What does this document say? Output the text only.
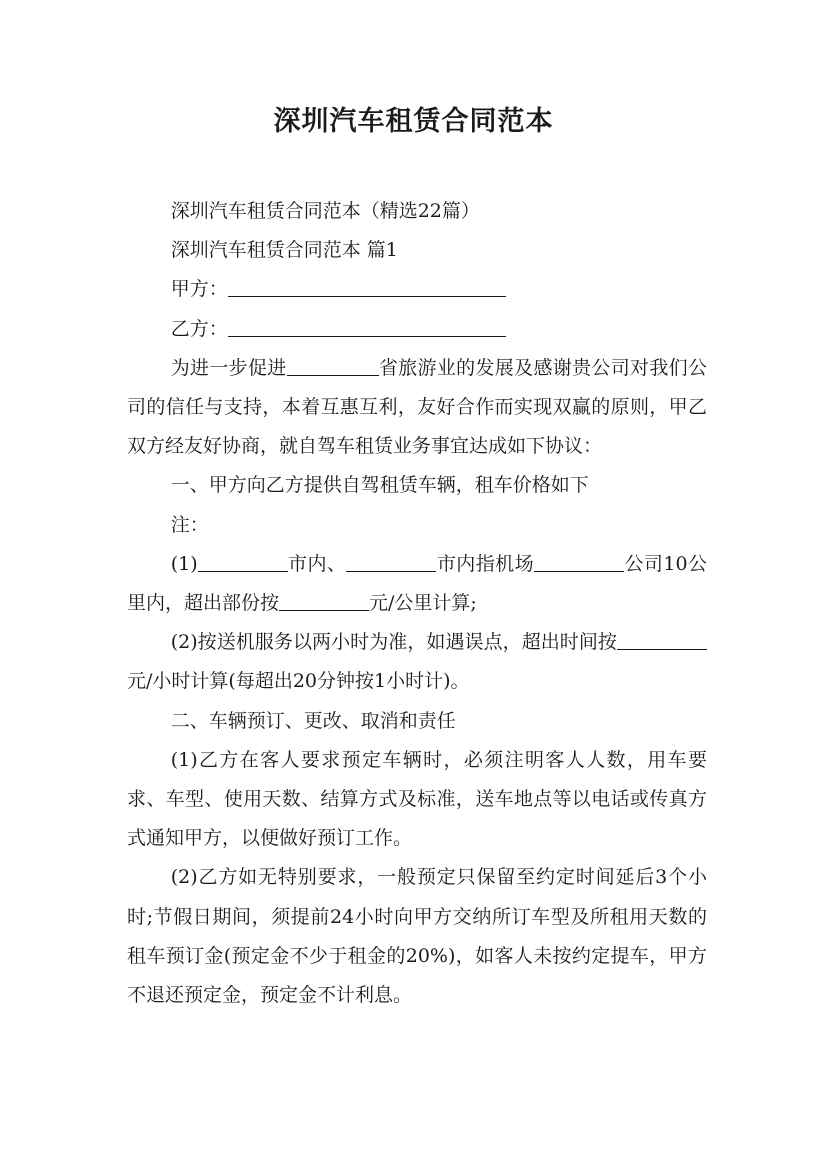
深圳汽车租赁合同范本

深圳汽车租赁合同范本（精选22篇）

深圳汽车租赁合同范本 篇1

甲方：

乙方：

为进一步促进	省旅游业的发展及感谢贵公司对我们公司的信任与支持，本着互惠互利，友好合作而实现双赢的原则，甲乙双方经友好协商，就自驾车租赁业务事宜达成如下协议：

一、甲方向乙方提供自驾租赁车辆，租车价格如下

注：

(1)	市内、	市内指机场	公司10公里内，超出部份按	元/公里计算;

(2)按送机服务以两小时为准，如遇误点，超出时间按元/小时计算(每超出20分钟按1小时计)。

二、车辆预订、更改、取消和责任

(1)乙方在客人要求预定车辆时，必须注明客人人数，用车要求、车型、使用天数、结算方式及标准，送车地点等以电话或传真方式通知甲方，以便做好预订工作。

(2)乙方如无特别要求，一般预定只保留至约定时间延后3个小时;节假日期间，须提前24小时向甲方交纳所订车型及所租用天数的租车预订金(预定金不少于租金的20%)，如客人未按约定提车，甲方不退还预定金，预定金不计利息。
